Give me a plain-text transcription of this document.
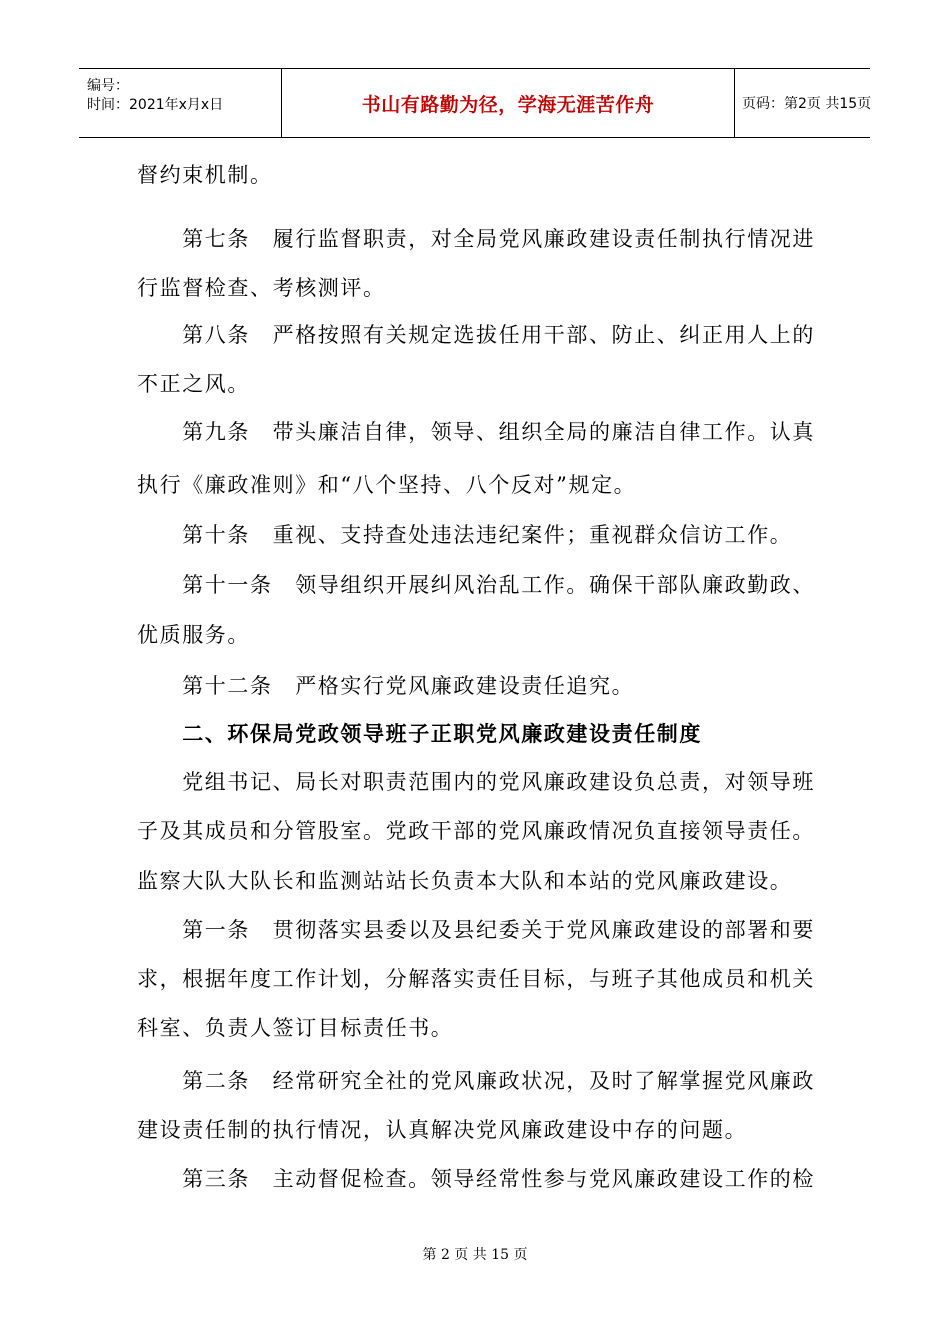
编号：
时间：2021年x月x日	书山有路勤为径，学海无涯苦作舟	页码：第2页 共15页
督约束机制。
　　第七条　履行监督职责，对全局党风廉政建设责任制执行情况进
行监督检查、考核测评。
　　第八条　严格按照有关规定选拔任用干部、防止、纠正用人上的
不正之风。
　　第九条　带头廉洁自律，领导、组织全局的廉洁自律工作。认真
执行《廉政准则》和“八个坚持、八个反对”规定。
　　第十条　重视、支持查处违法违纪案件；重视群众信访工作。
　　第十一条　领导组织开展纠风治乱工作。确保干部队廉政勤政、
优质服务。
　　第十二条　严格实行党风廉政建设责任追究。
　　二、环保局党政领导班子正职党风廉政建设责任制度
　　党组书记、局长对职责范围内的党风廉政建设负总责，对领导班
子及其成员和分管股室。党政干部的党风廉政情况负直接领导责任。
监察大队大队长和监测站站长负责本大队和本站的党风廉政建设。
　　第一条　贯彻落实县委以及县纪委关于党风廉政建设的部署和要
求，根据年度工作计划，分解落实责任目标，与班子其他成员和机关
科室、负责人签订目标责任书。
　　第二条　经常研究全社的党风廉政状况，及时了解掌握党风廉政
建设责任制的执行情况，认真解决党风廉政建设中存的问题。
　　第三条　主动督促检查。领导经常性参与党风廉政建设工作的检
第 2 页 共 15 页
